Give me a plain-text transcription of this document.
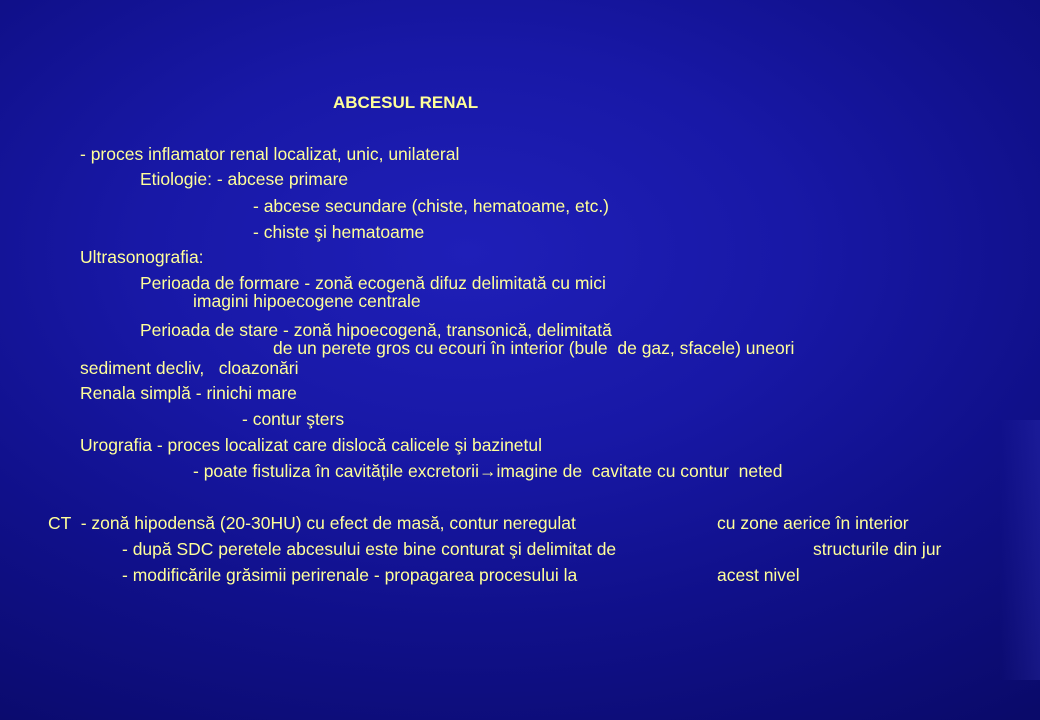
ABCESUL RENAL
- proces inflamator renal localizat, unic, unilateral
Etiologie: - abcese primare
- abcese secundare (chiste, hematoame, etc.)
- chiste şi hematoame
Ultrasonografia:
Perioada de formare - zonă ecogenă difuz delimitată cu mici
imagini hipoecogene centrale
Perioada de stare - zonă hipoecogenă, transonică, delimitată
de un perete gros cu ecouri în interior (bule  de gaz, sfacele) uneori
sediment decliv,   cloazonări
Renala simplă - rinichi mare
- contur şters
Urografia - proces localizat care dislocă calicele şi bazinetul
- poate fistuliza în cavitățile excretorii→imagine de  cavitate cu contur  neted
CT  - zonă hipodensă (20-30HU) cu efect de masă, contur neregulat	cu zone aerice în interior
- după SDC peretele abcesului este bine conturat şi delimitat de	structurile din jur
- modificările grăsimii perirenale - propagarea procesului la	acest nivel
